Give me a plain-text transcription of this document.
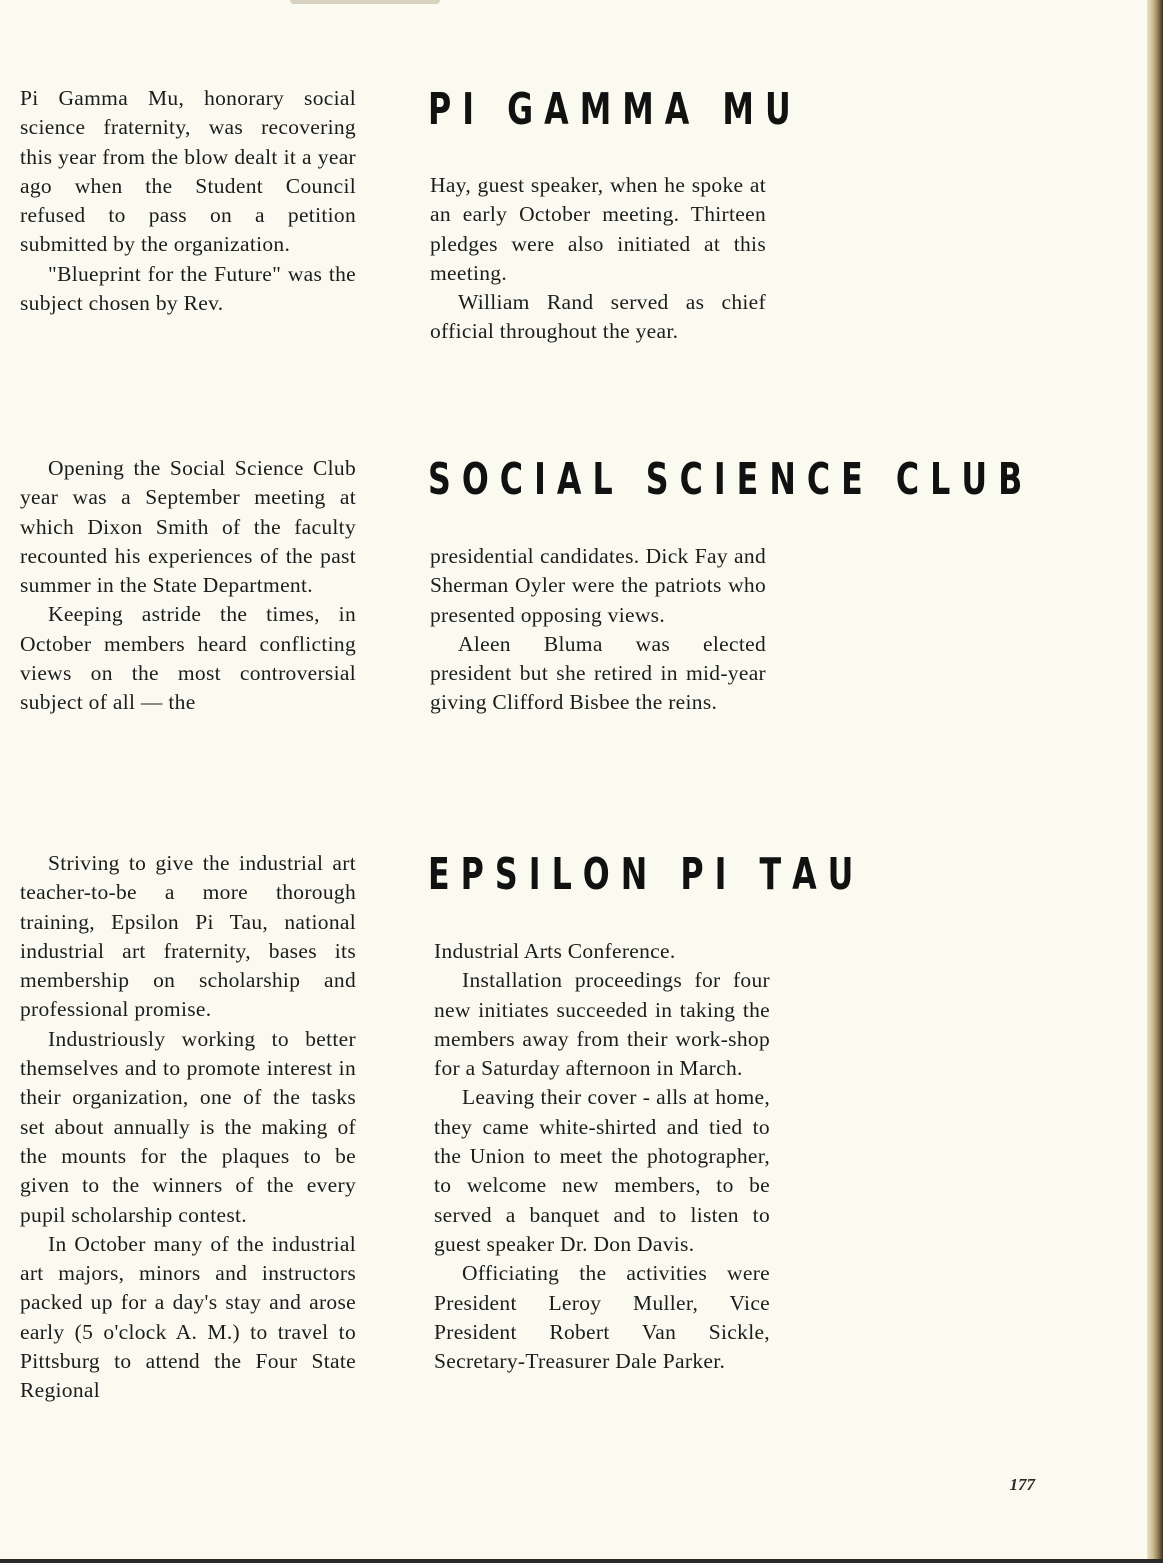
Pi Gamma Mu, honorary social science fraternity, was recovering this year from the blow dealt it a year ago when the Student Council refused to pass on a petition submitted by the organization.

"Blueprint for the Future" was the subject chosen by Rev.

P I   G A M M A   M U

Hay, guest speaker, when he spoke at an early October meeting. Thirteen pledges were also initiated at this meeting.

William Rand served as chief official throughout the year.

Opening the Social Science Club year was a September meeting at which Dixon Smith of the faculty recounted his experiences of the past summer in the State Department.

Keeping astride the times, in October members heard conflicting views on the most controversial subject of all — the

S O C I A L   S C I E N C E   C L U B

presidential candidates. Dick Fay and Sherman Oyler were the patriots who presented opposing views.

Aleen Bluma was elected president but she retired in mid-year giving Clifford Bisbee the reins.

Striving to give the industrial art teacher-to-be a more thorough training, Epsilon Pi Tau, national industrial art fraternity, bases its membership on scholarship and professional promise.

Industriously working to better themselves and to promote interest in their organization, one of the tasks set about annually is the making of the mounts for the plaques to be given to the winners of the every pupil scholarship contest.

In October many of the industrial art majors, minors and instructors packed up for a day's stay and arose early (5 o'clock A. M.) to travel to Pittsburg to attend the Four State Regional

E P S I L O N   P I   T A U

Industrial Arts Conference.

Installation proceedings for four new initiates succeeded in taking the members away from their work-shop for a Saturday afternoon in March.

Leaving their cover - alls at home, they came white-shirted and tied to the Union to meet the photographer, to welcome new members, to be served a banquet and to listen to guest speaker Dr. Don Davis.

Officiating the activities were President Leroy Muller, Vice President Robert Van Sickle, Secretary-Treasurer Dale Parker.

177
